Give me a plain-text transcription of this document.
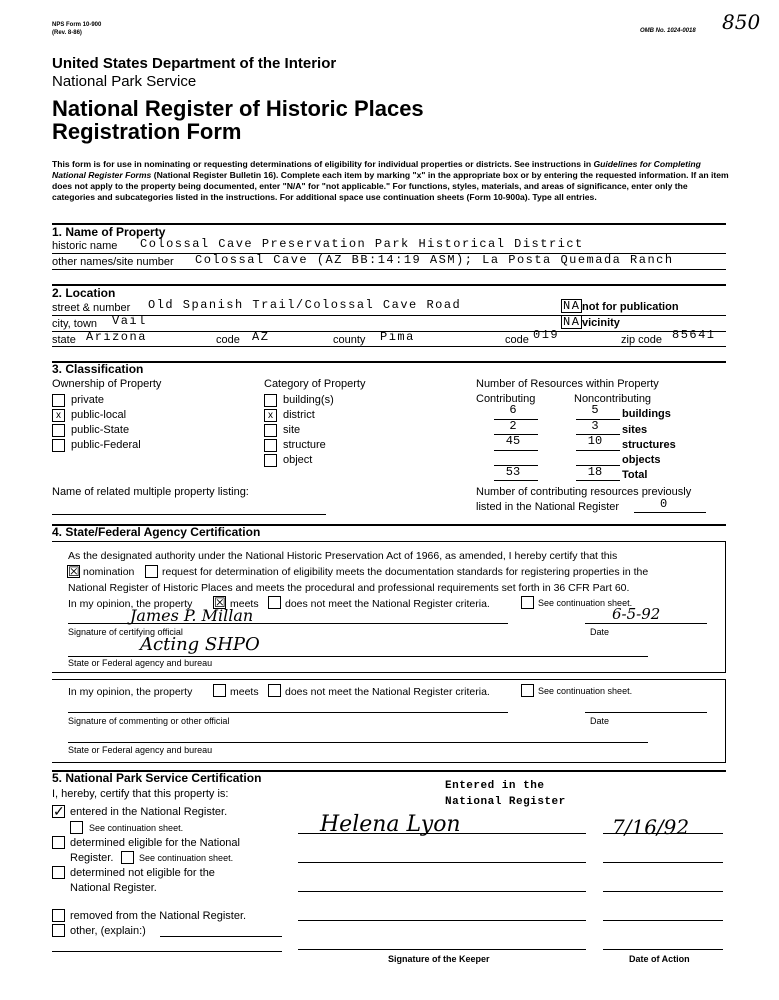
NPS Form 10-900
(Rev. 8-86)	OMB No. 1024-0018 850
United States Department of the Interior
National Park Service
National Register of Historic Places
Registration Form
This form is for use in nominating or requesting determinations of eligibility for individual properties or districts. See instructions in Guidelines for Completing National Register Forms (National Register Bulletin 16). Complete each item by marking "x" in the appropriate box or by entering the requested information. If an item does not apply to the property being documented, enter "N/A" for "not applicable." For functions, styles, materials, and areas of significance, enter only the categories and subcategories listed in the instructions. For additional space use continuation sheets (Form 10-900a). Type all entries.
1. Name of Property
historic name Colossal Cave Preservation Park Historical District
other names/site number Colossal Cave (AZ BB:14:19 ASM); La Posta Quemada Ranch
2. Location
street & number Old Spanish Trail/Colossal Cave Road	NA not for publication
city, town Vail	NA vicinity
state Arizona	code AZ	county Pima	code 019	zip code 85641
3. Classification
Ownership of Property
private
x public-local
public-State
public-Federal
Category of Property
building(s)
x district
site
structure
object
Number of Resources within Property
Contributing	Noncontributing
6	5	buildings
2	3	sites
45	10	structures
objects
53	18	Total
Name of related multiple property listing:	Number of contributing resources previously
listed in the National Register	0
4. State/Federal Agency Certification
As the designated authority under the National Historic Preservation Act of 1966, as amended, I hereby certify that this
☒ nomination	request for determination of eligibility meets the documentation standards for registering properties in the
National Register of Historic Places and meets the procedural and professional requirements set forth in 36 CFR Part 60.
In my opinion, the property ☒ meets	does not meet the National Register criteria.	See continuation sheet.
James P. Millan	6-5-92
Signature of certifying official	Date
Acting SHPO
State or Federal agency and bureau
In my opinion, the property	meets	does not meet the National Register criteria.	See continuation sheet.
Signature of commenting or other official	Date
State or Federal agency and bureau
5. National Park Service Certification
I, hereby, certify that this property is:
✓ entered in the National Register.
See continuation sheet.
determined eligible for the National
Register.	See continuation sheet.
determined not eligible for the
National Register.
removed from the National Register.
other, (explain:)
Entered in the
National Register
Helena Lyon	7/16/92
Signature of the Keeper	Date of Action
